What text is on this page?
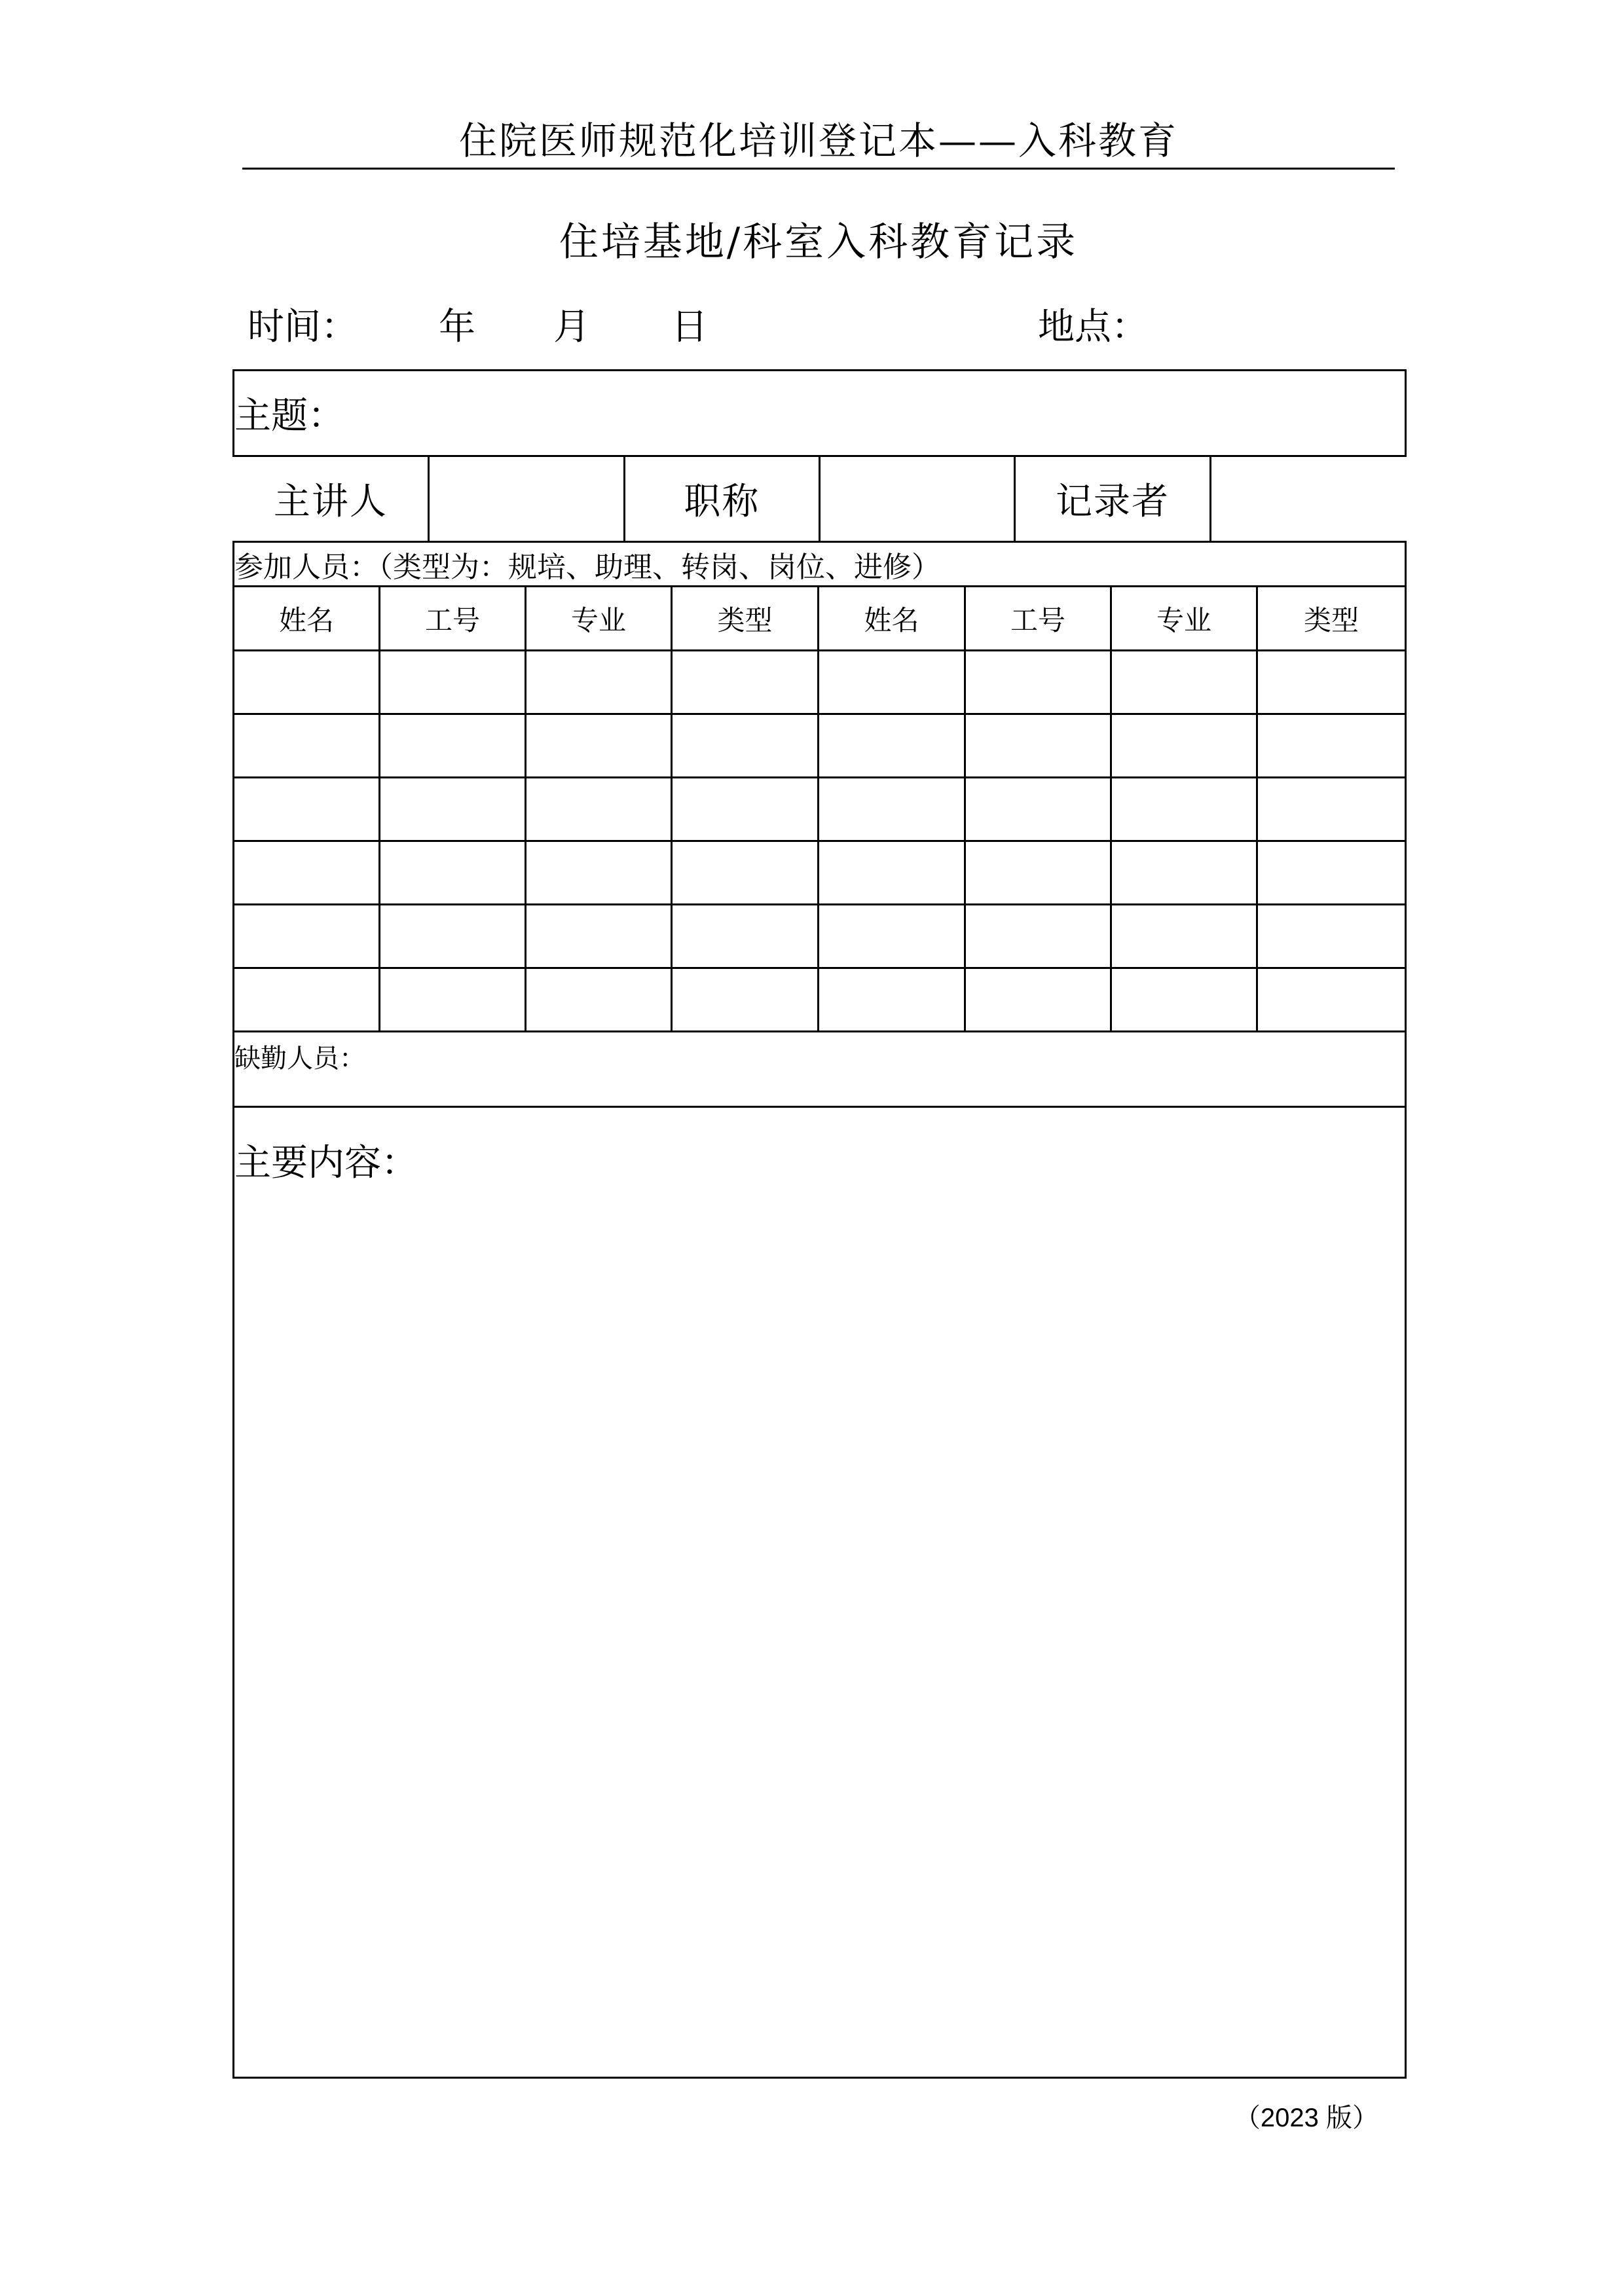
住院医师规范化培训登记本——入科教育
住培基地/科室入科教育记录
时间： 年 月 日	地点：
主题：

主讲人		职称		记录者	

参加人员：（类型为：规培、助理、转岗、岗位、进修）
姓名	工号	专业	类型	姓名	工号	专业	类型

缺勤人员：

主要内容：
（2023 版）
